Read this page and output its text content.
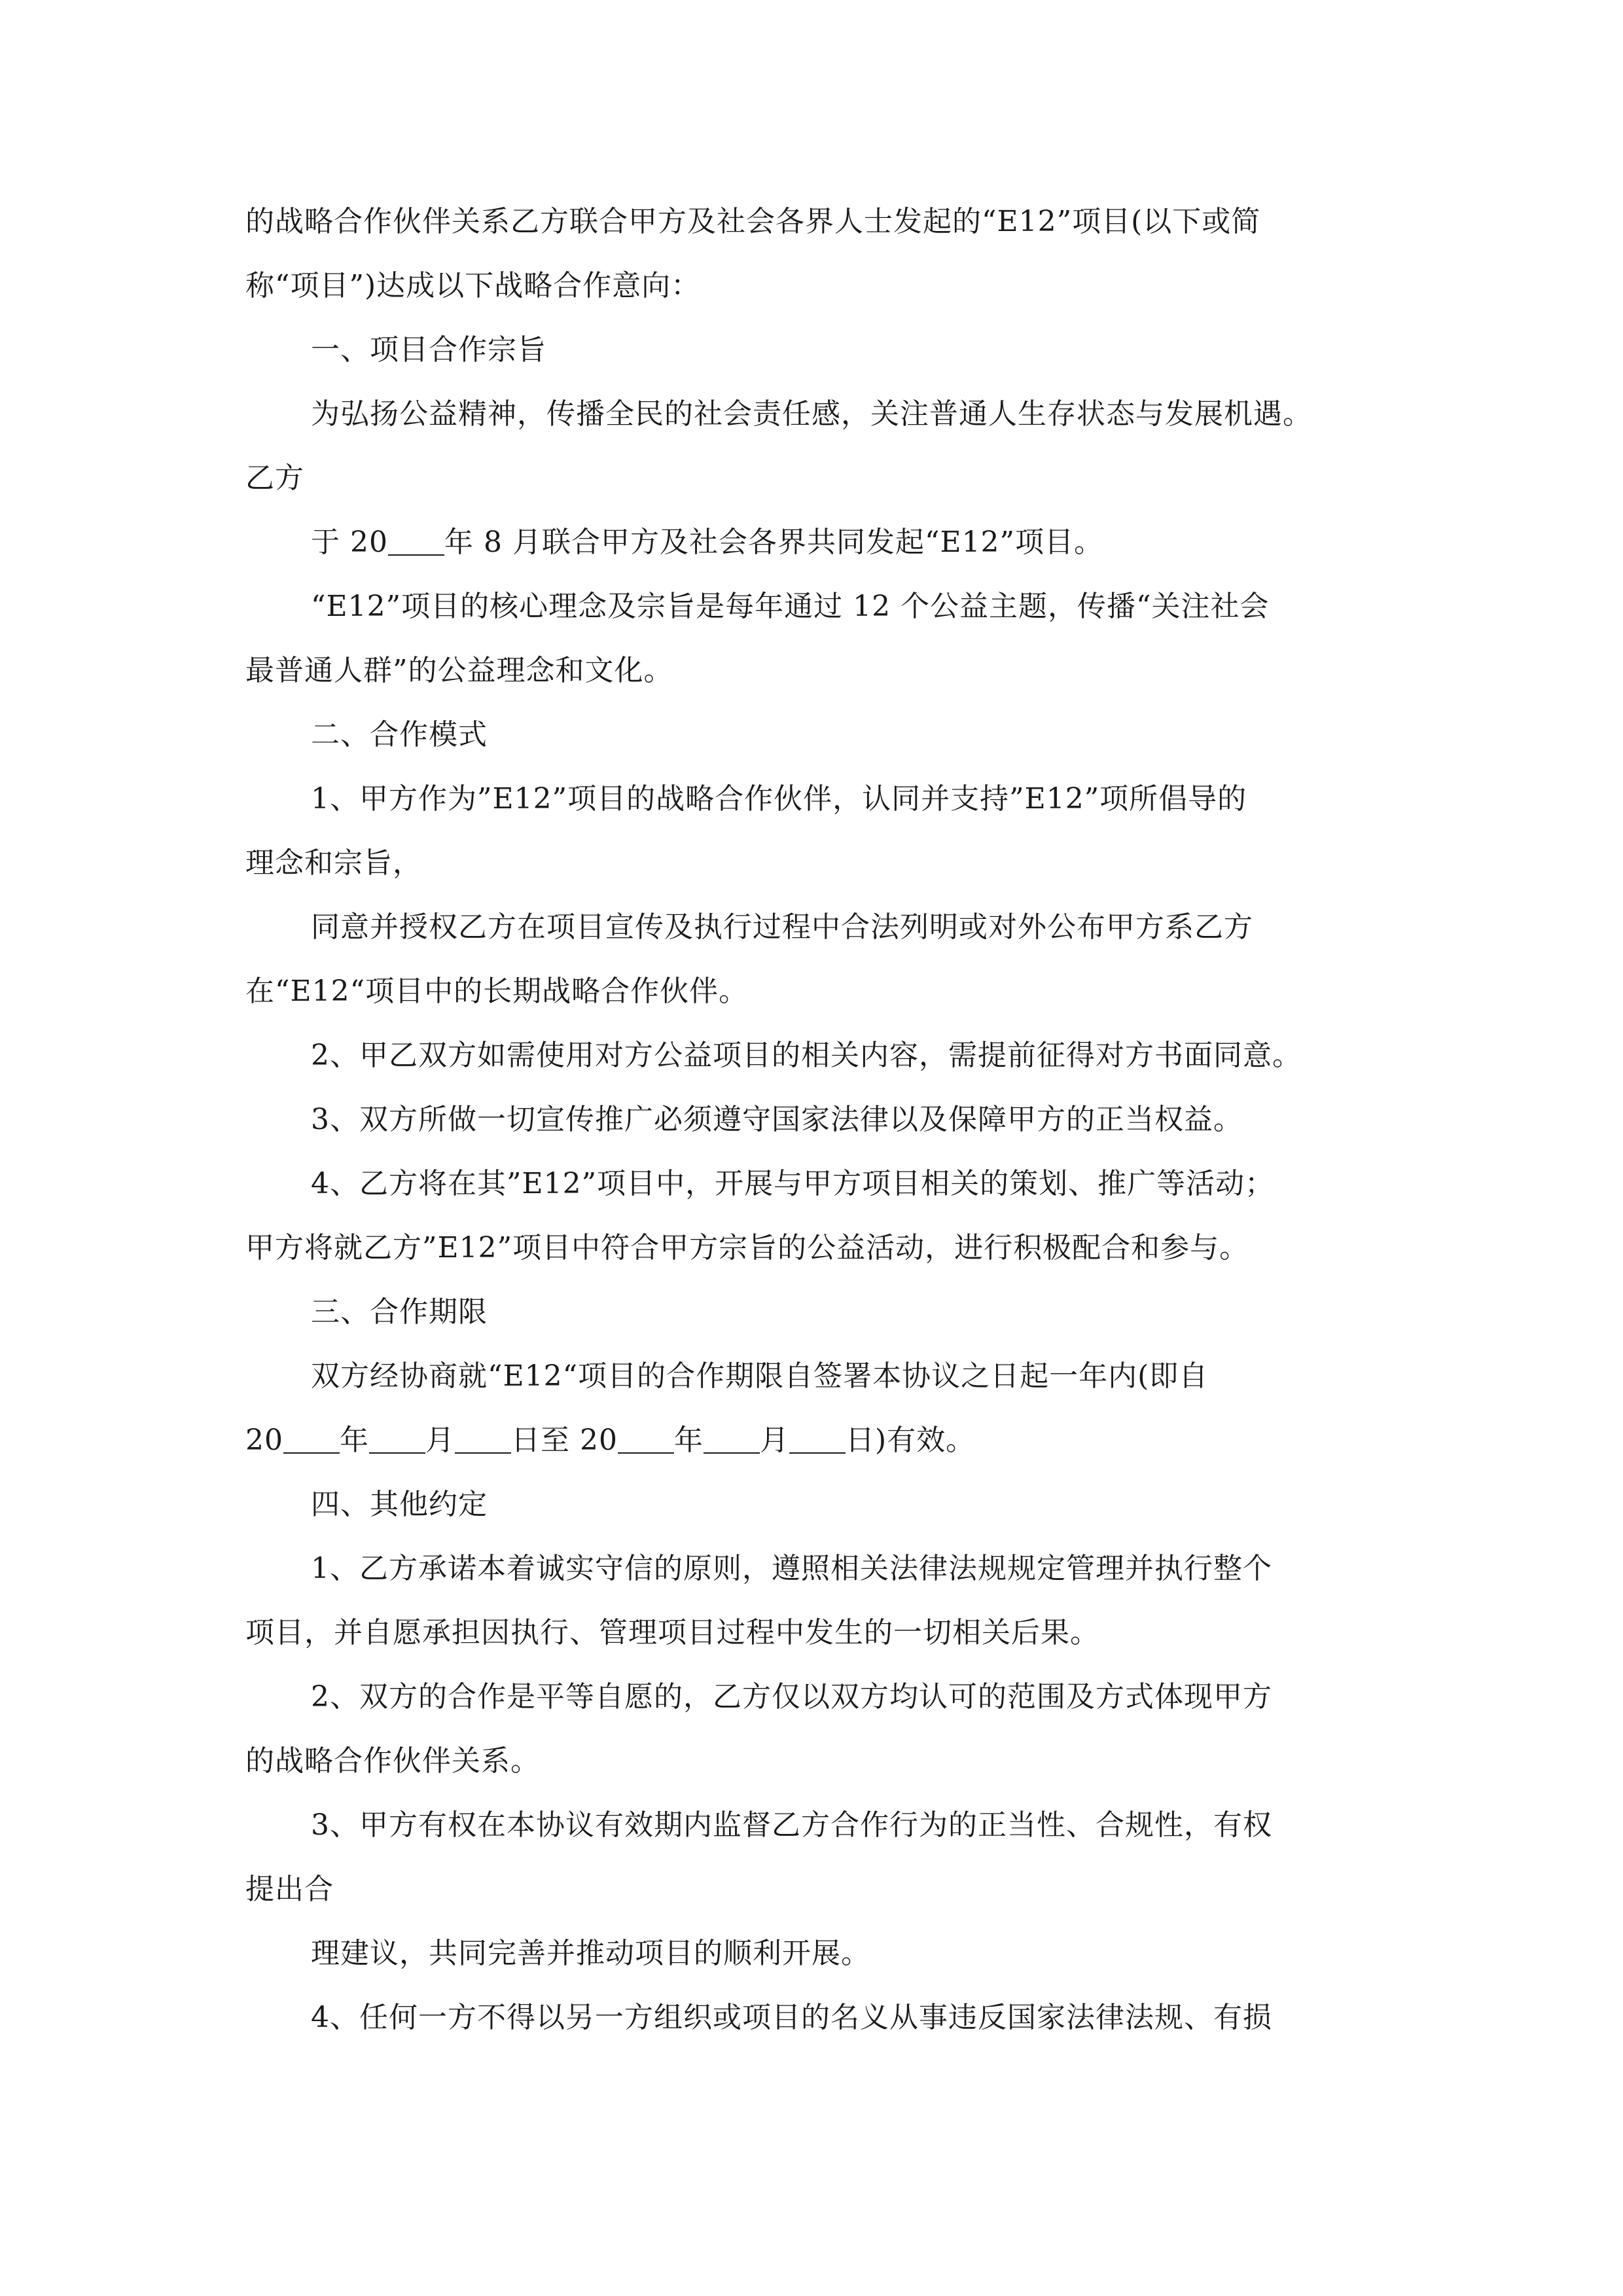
的战略合作伙伴关系乙方联合甲方及社会各界人士发起的“E12”项目(以下或简
称“项目”)达成以下战略合作意向：
一、项目合作宗旨
为弘扬公益精神，传播全民的社会责任感，关注普通人生存状态与发展机遇。
乙方
于 20 年 8 月联合甲方及社会各界共同发起“E12”项目。
“E12”项目的核心理念及宗旨是每年通过 12 个公益主题，传播“关注社会
最普通人群”的公益理念和文化。
二、合作模式
1、甲方作为”E12”项目的战略合作伙伴，认同并支持”E12”项所倡导的
理念和宗旨，
同意并授权乙方在项目宣传及执行过程中合法列明或对外公布甲方系乙方
在“E12“项目中的长期战略合作伙伴。
2、甲乙双方如需使用对方公益项目的相关内容，需提前征得对方书面同意。
3、双方所做一切宣传推广必须遵守国家法律以及保障甲方的正当权益。
4、乙方将在其”E12”项目中，开展与甲方项目相关的策划、推广等活动；
甲方将就乙方”E12”项目中符合甲方宗旨的公益活动，进行积极配合和参与。
三、合作期限
双方经协商就“E12“项目的合作期限自签署本协议之日起一年内(即自
20 年 月 日至 20 年 月 日)有效。
四、其他约定
1、乙方承诺本着诚实守信的原则，遵照相关法律法规规定管理并执行整个
项目，并自愿承担因执行、管理项目过程中发生的一切相关后果。
2、双方的合作是平等自愿的，乙方仅以双方均认可的范围及方式体现甲方
的战略合作伙伴关系。
3、甲方有权在本协议有效期内监督乙方合作行为的正当性、合规性，有权
提出合
理建议，共同完善并推动项目的顺利开展。
4、任何一方不得以另一方组织或项目的名义从事违反国家法律法规、有损
